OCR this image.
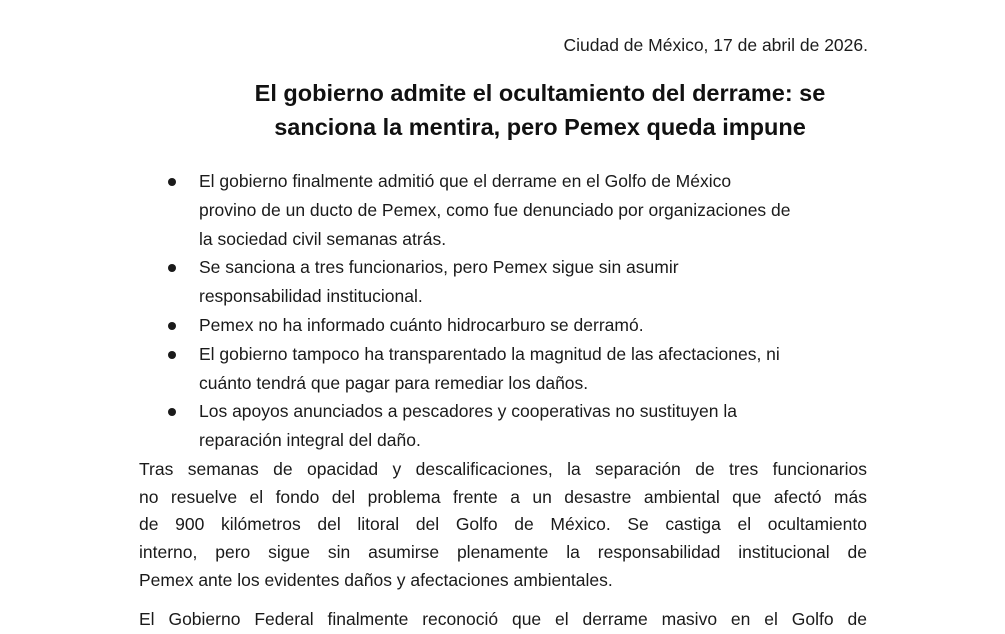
Ciudad de México, 17 de abril de 2026.
El gobierno admite el ocultamiento del derrame: se
sanciona la mentira, pero Pemex queda impune
El gobierno finalmente admitió que el derrame en el Golfo de México
provino de un ducto de Pemex, como fue denunciado por organizaciones de
la sociedad civil semanas atrás.
Se sanciona a tres funcionarios, pero Pemex sigue sin asumir
responsabilidad institucional.
Pemex no ha informado cuánto hidrocarburo se derramó.
El gobierno tampoco ha transparentado la magnitud de las afectaciones, ni
cuánto tendrá que pagar para remediar los daños.
Los apoyos anunciados a pescadores y cooperativas no sustituyen la
reparación integral del daño.
Tras semanas de opacidad y descalificaciones, la separación de tres funcionarios
no resuelve el fondo del problema frente a un desastre ambiental que afectó más
de 900 kilómetros del litoral del Golfo de México. Se castiga el ocultamiento
interno, pero sigue sin asumirse plenamente la responsabilidad institucional de
Pemex ante los evidentes daños y afectaciones ambientales.
El Gobierno Federal finalmente reconoció que el derrame masivo en el Golfo de
